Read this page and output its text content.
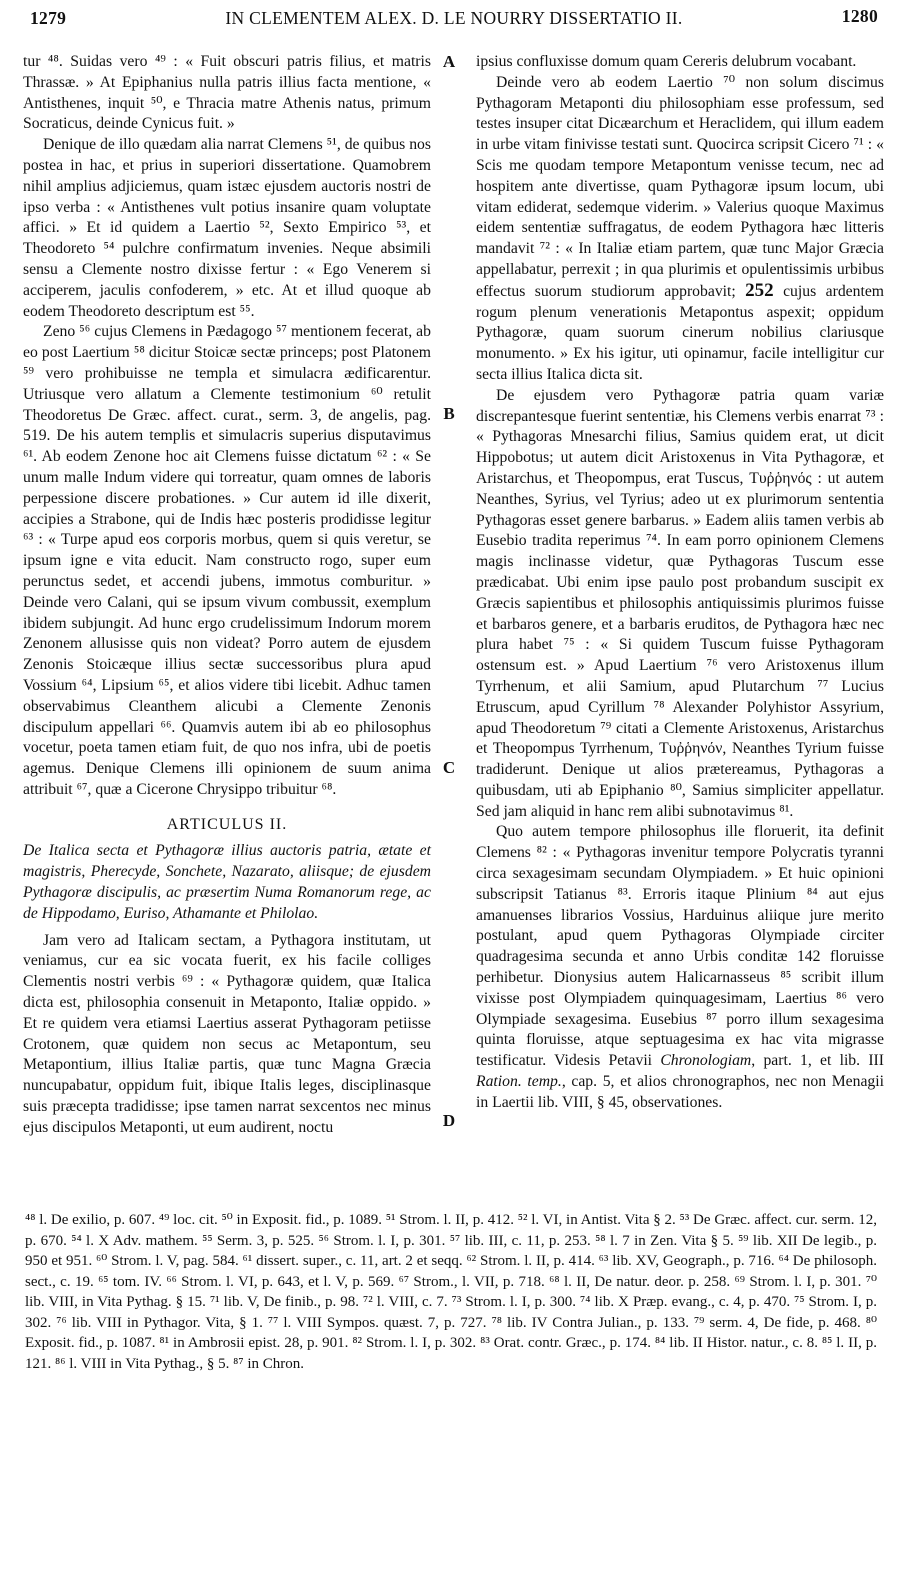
1279	IN CLEMENTEM ALEX. D. LE NOURRY DISSERTATIO II.	1280

tur ⁴⁸. Suidas vero ⁴⁹ : « Fuit obscuri patris filius, et matris Thrassæ. » At Epiphanius nulla patris illius facta mentione, « Antisthenes, inquit ⁵⁰, e Thracia matre Athenis natus, primum Socraticus, deinde Cynicus fuit. »

Denique de illo quædam alia narrat Clemens ⁵¹, de quibus nos postea in hac, et prius in superiori dissertatione. Quamobrem nihil amplius adjiciemus, quam istæc ejusdem auctoris nostri de ipso verba : « Antisthenes vult potius insanire quam voluptate affici. » Et id quidem a Laertio ⁵², Sexto Empirico ⁵³, et Theodoreto ⁵⁴ pulchre confirmatum invenies. Neque absimili sensu a Clemente nostro dixisse fertur : « Ego Venerem si acciperem, jaculis confoderem, » etc. At et illud quoque ab eodem Theodoreto descriptum est ⁵⁵.

Zeno ⁵⁶ cujus Clemens in Pædagogo ⁵⁷ mentionem fecerat, ab eo post Laertium ⁵⁸ dicitur Stoicæ sectæ princeps; post Platonem ⁵⁹ vero prohibuisse ne templa et simulacra ædificarentur. Utriusque vero allatum a Clemente testimonium ⁶⁰ retulit Theodoretus De Græc. affect. curat., serm. 3, de angelis, pag. 519. De his autem templis et simulacris superius disputavimus ⁶¹. Ab eodem Zenone hoc ait Clemens fuisse dictatum ⁶² : « Se unum malle Indum videre qui torreatur, quam omnes de laboris perpessione discere probationes. » Cur autem id ille dixerit, accipies a Strabone, qui de Indis hæc posteris prodidisse legitur ⁶³ : « Turpe apud eos corporis morbus, quem si quis veretur, se ipsum igne e vita educit. Nam constructo rogo, super eum perunctus sedet, et accendi jubens, immotus comburitur. » Deinde vero Calani, qui se ipsum vivum combussit, exemplum ibidem subjungit. Ad hunc ergo crudelissimum Indorum morem Zenonem allusisse quis non videat? Porro autem de ejusdem Zenonis Stoicæque illius sectæ successoribus plura apud Vossium ⁶⁴, Lipsium ⁶⁵, et alios videre tibi licebit. Adhuc tamen observabimus Cleanthem alicubi a Clemente Zenonis discipulum appellari ⁶⁶. Quamvis autem ibi ab eo philosophus vocetur, poeta tamen etiam fuit, de quo nos infra, ubi de poetis agemus. Denique Clemens illi opinionem de suum anima attribuit ⁶⁷, quæ a Cicerone Chrysippo tribuitur ⁶⁸.

ARTICULUS II.

De Italica secta et Pythagoræ illius auctoris patria, ætate et magistris, Pherecyde, Sonchete, Nazarato, aliisque; de ejusdem Pythagoræ discipulis, ac præsertim Numa Romanorum rege, ac de Hippodamo, Euriso, Athamante et Philolao.

Jam vero ad Italicam sectam, a Pythagora institutam, ut veniamus, cur ea sic vocata fuerit, ex his facile colliges Clementis nostri verbis ⁶⁹ : « Pythagoræ quidem, quæ Italica dicta est, philosophia consenuit in Metaponto, Italiæ oppido. » Et re quidem vera etiamsi Laertius asserat Pythagoram petiisse Crotonem, quæ quidem non secus ac Metapontum, seu Metapontium, illius Italiæ partis, quæ tunc Magna Græcia nuncupabatur, oppidum fuit, ibique Italis leges, disciplinasque suis præcepta tradidisse; ipse tamen narrat sexcentos nec minus ejus discipulos Metaponti, ut eum audirent, noctu

A
B
C
D

ipsius confluxisse domum quam Cereris delubrum vocabant.

Deinde vero ab eodem Laertio ⁷⁰ non solum discimus Pythagoram Metaponti diu philosophiam esse professum, sed testes insuper citat Dicæarchum et Heraclidem, qui illum eadem in urbe vitam finivisse testati sunt. Quocirca scripsit Cicero ⁷¹ : « Scis me quodam tempore Metapontum venisse tecum, nec ad hospitem ante divertisse, quam Pythagoræ ipsum locum, ubi vitam ediderat, sedemque viderim. » Valerius quoque Maximus eidem sententiæ suffragatus, de eodem Pythagora hæc litteris mandavit ⁷² : « In Italiæ etiam partem, quæ tunc Major Græcia appellabatur, perrexit ; in qua plurimis et opulentissimis urbibus effectus suorum studiorum approbavit; 252 cujus ardentem rogum plenum venerationis Metapontus aspexit; oppidum Pythagoræ, quam suorum cinerum nobilius clariusque monumento. » Ex his igitur, uti opinamur, facile intelligitur cur secta illius Italica dicta sit.

De ejusdem vero Pythagoræ patria quam variæ discrepantesque fuerint sententiæ, his Clemens verbis enarrat ⁷³ : « Pythagoras Mnesarchi filius, Samius quidem erat, ut dicit Hippobotus; ut autem dicit Aristoxenus in Vita Pythagoræ, et Aristarchus, et Theopompus, erat Tuscus, Τυῤῥηνός : ut autem Neanthes, Syrius, vel Tyrius; adeo ut ex plurimorum sententia Pythagoras esset genere barbarus. » Eadem aliis tamen verbis ab Eusebio tradita reperimus ⁷⁴. In eam porro opinionem Clemens magis inclinasse videtur, quæ Pythagoras Tuscum esse prædicabat. Ubi enim ipse paulo post probandum suscipit ex Græcis sapientibus et philosophis antiquissimis plurimos fuisse et barbaros genere, et a barbaris eruditos, de Pythagora hæc nec plura habet ⁷⁵ : « Si quidem Tuscum fuisse Pythagoram ostensum est. » Apud Laertium ⁷⁶ vero Aristoxenus illum Tyrrhenum, et alii Samium, apud Plutarchum ⁷⁷ Lucius Etruscum, apud Cyrillum ⁷⁸ Alexander Polyhistor Assyrium, apud Theodoretum ⁷⁹ citati a Clemente Aristoxenus, Aristarchus et Theopompus Tyrrhenum, Τυῤῥηνόν, Neanthes Tyrium fuisse tradiderunt. Denique ut alios prætereamus, Pythagoras a quibusdam, uti ab Epiphanio ⁸⁰, Samius simpliciter appellatur. Sed jam aliquid in hanc rem alibi subnotavimus ⁸¹.

Quo autem tempore philosophus ille floruerit, ita definit Clemens ⁸² : « Pythagoras invenitur tempore Polycratis tyranni circa sexagesimam secundam Olympiadem. » Et huic opinioni subscripsit Tatianus ⁸³. Erroris itaque Plinium ⁸⁴ aut ejus amanuenses librarios Vossius, Harduinus aliique jure merito postulant, apud quem Pythagoras Olympiade circiter quadragesima secunda et anno Urbis conditæ 142 floruisse perhibetur. Dionysius autem Halicarnasseus ⁸⁵ scribit illum vixisse post Olympiadem quinquagesimam, Laertius ⁸⁶ vero Olympiade sexagesima. Eusebius ⁸⁷ porro illum sexagesima quinta floruisse, atque septuagesima ex hac vita migrasse testificatur. Videsis Petavii Chronologiam, part. 1, et lib. III Ration. temp., cap. 5, et alios chronographos, nec non Menagii in Laertii lib. VIII, § 45, observationes.

⁴⁸ l. De exilio, p. 607. ⁴⁹ loc. cit. ⁵⁰ in Exposit. fid., p. 1089. ⁵¹ Strom. l. II, p. 412. ⁵² l. VI, in Antist. Vita § 2. ⁵³ De Græc. affect. cur. serm. 12, p. 670. ⁵⁴ l. X Adv. mathem. ⁵⁵ Serm. 3, p. 525. ⁵⁶ Strom. l. I, p. 301. ⁵⁷ lib. III, c. 11, p. 253. ⁵⁸ l. 7 in Zen. Vita § 5. ⁵⁹ lib. XII De legib., p. 950 et 951. ⁶⁰ Strom. l. V, pag. 584. ⁶¹ dissert. super., c. 11, art. 2 et seqq. ⁶² Strom. l. II, p. 414. ⁶³ lib. XV, Geograph., p. 716. ⁶⁴ De philosoph. sect., c. 19. ⁶⁵ tom. IV. ⁶⁶ Strom. l. VI, p. 643, et l. V, p. 569. ⁶⁷ Strom., l. VII, p. 718. ⁶⁸ l. II, De natur. deor. p. 258. ⁶⁹ Strom. l. I, p. 301. ⁷⁰ lib. VIII, in Vita Pythag. § 15. ⁷¹ lib. V, De finib., p. 98. ⁷² l. VIII, c. 7. ⁷³ Strom. l. I, p. 300. ⁷⁴ lib. X Præp. evang., c. 4, p. 470. ⁷⁵ Strom. I, p. 302. ⁷⁶ lib. VIII in Pythagor. Vita, § 1. ⁷⁷ l. VIII Sympos. quæst. 7, p. 727. ⁷⁸ lib. IV Contra Julian., p. 133. ⁷⁹ serm. 4, De fide, p. 468. ⁸⁰ Exposit. fid., p. 1087. ⁸¹ in Ambrosii epist. 28, p. 901. ⁸² Strom. l. I, p. 302. ⁸³ Orat. contr. Græc., p. 174. ⁸⁴ lib. II Histor. natur., c. 8. ⁸⁵ l. II, p. 121. ⁸⁶ l. VIII in Vita Pythag., § 5. ⁸⁷ in Chron.
